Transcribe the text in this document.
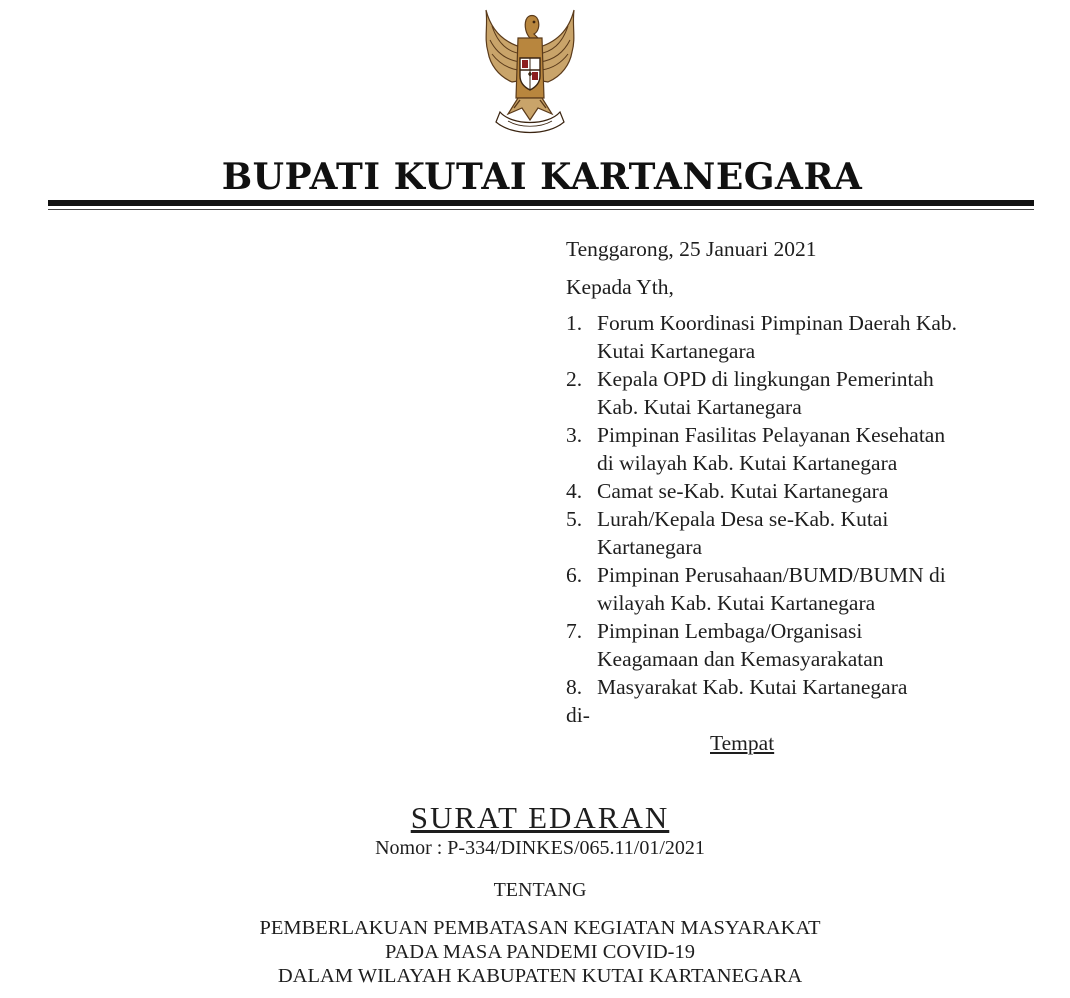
BUPATI KUTAI KARTANEGARA

Tenggarong, 25 Januari 2021

Kepada Yth,

1. Forum Koordinasi Pimpinan Daerah Kab. Kutai Kartanegara
2. Kepala OPD di lingkungan Pemerintah Kab. Kutai Kartanegara
3. Pimpinan Fasilitas Pelayanan Kesehatan di wilayah Kab. Kutai Kartanegara
4. Camat se-Kab. Kutai Kartanegara
5. Lurah/Kepala Desa se-Kab. Kutai Kartanegara
6. Pimpinan Perusahaan/BUMD/BUMN di wilayah Kab. Kutai Kartanegara
7. Pimpinan Lembaga/Organisasi Keagamaan dan Kemasyarakatan
8. Masyarakat Kab. Kutai Kartanegara

di-

Tempat
SURAT EDARAN
Nomor : P-334/DINKES/065.11/01/2021
TENTANG
PEMBERLAKUAN PEMBATASAN KEGIATAN MASYARAKAT
PADA MASA PANDEMI COVID-19
DALAM WILAYAH KABUPATEN KUTAI KARTANEGARA
